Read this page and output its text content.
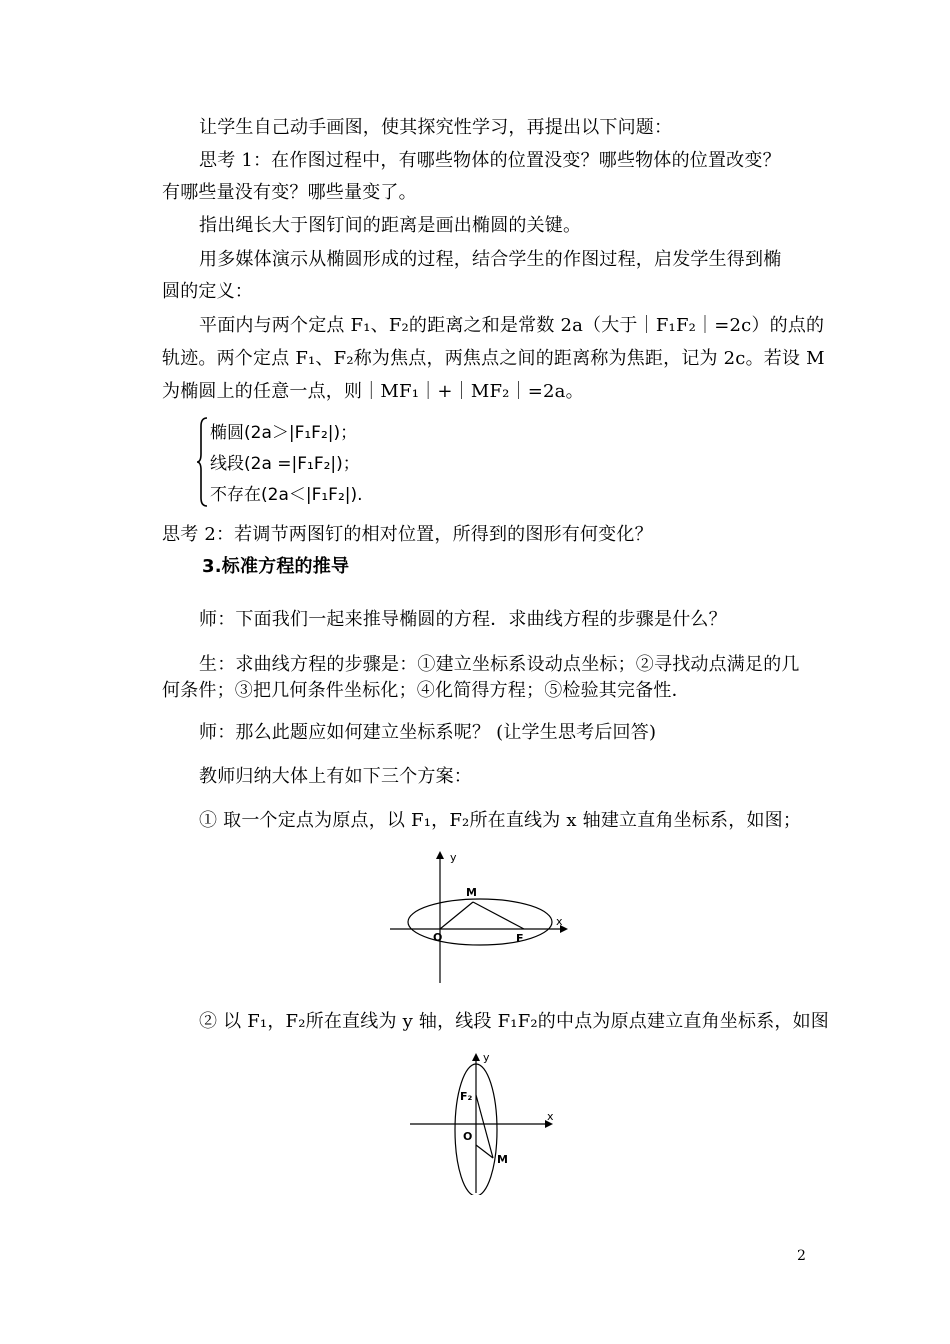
让学生自己动手画图，使其探究性学习，再提出以下问题：
思考 1：在作图过程中，有哪些物体的位置没变？哪些物体的位置改变？
有哪些量没有变？哪些量变了。
指出绳长大于图钉间的距离是画出椭圆的关键。
用多媒体演示从椭圆形成的过程，结合学生的作图过程，启发学生得到椭
圆的定义：
平面内与两个定点 F₁、F₂的距离之和是常数 2a（大于｜F₁F₂｜=2c）的点的
轨迹。两个定点 F₁、F₂称为焦点，两焦点之间的距离称为焦距，记为 2c。若设 M
为椭圆上的任意一点，则｜MF₁｜+｜MF₂｜=2a。
椭圆(2a＞|F₁F₂|)；
线段(2a =|F₁F₂|)；
不存在(2a＜|F₁F₂|).
思考 2：若调节两图钉的相对位置，所得到的图形有何变化？
3.标准方程的推导
师：下面我们一起来推导椭圆的方程．求曲线方程的步骤是什么？
生：求曲线方程的步骤是：①建立坐标系设动点坐标；②寻找动点满足的几
何条件；③把几何条件坐标化；④化简得方程；⑤检验其完备性．
师：那么此题应如何建立坐标系呢？ (让学生思考后回答)
教师归纳大体上有如下三个方案：
① 取一个定点为原点，以 F₁，F₂所在直线为 x 轴建立直角坐标系，如图；
x
y
O
M
F
② 以 F₁，F₂所在直线为 y 轴，线段 F₁F₂的中点为原点建立直角坐标系，如图
x
y
O
F₂
M
2
